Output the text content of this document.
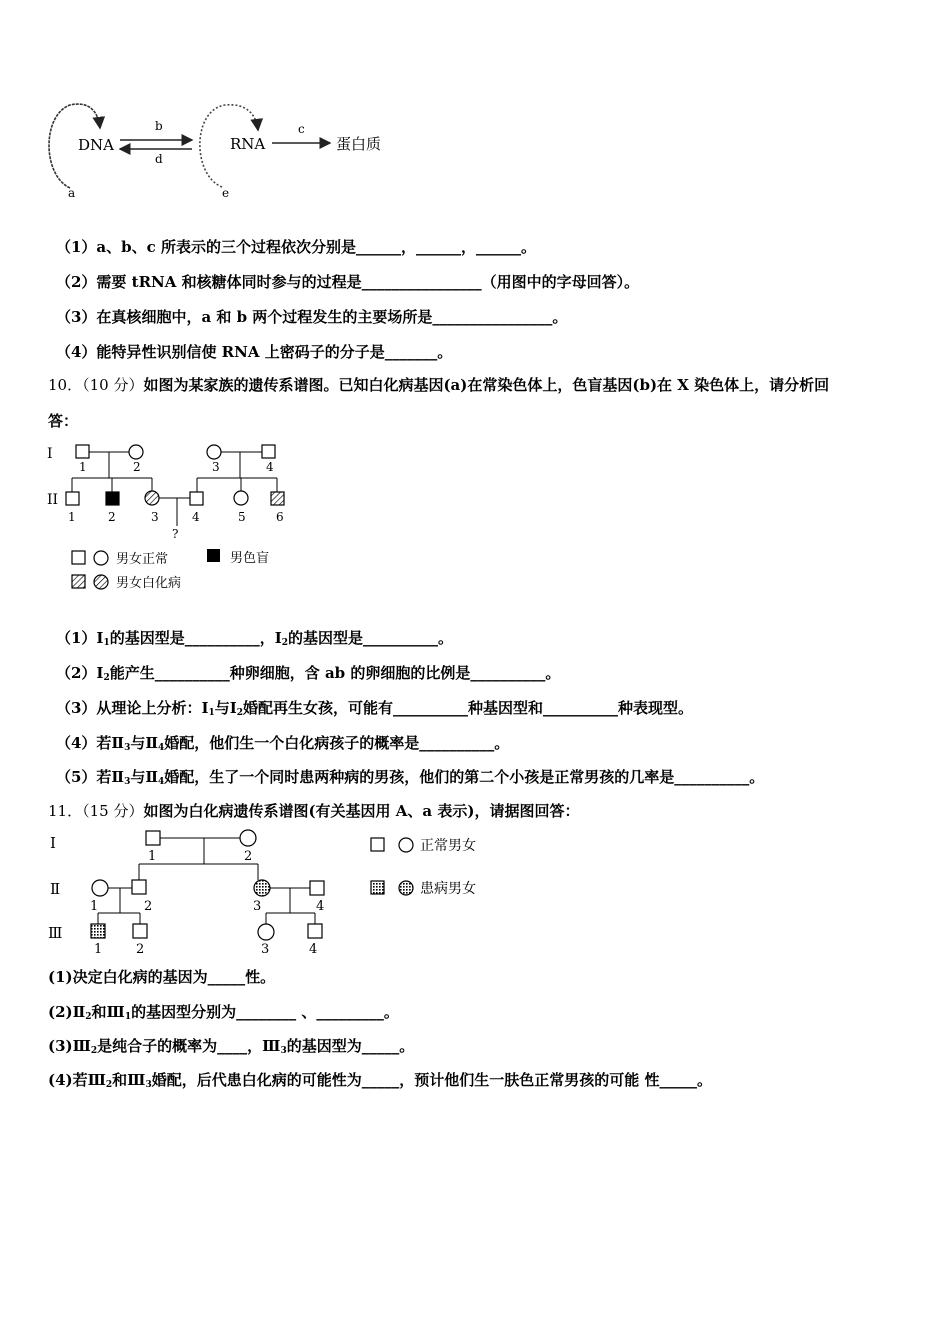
DNA
a
b
d
RNA
e
c
蛋白质
（1）a、b、c 所表示的三个过程依次分别是______，______，______。
（2）需要 tRNA 和核糖体同时参与的过程是________________（用图中的字母回答）。
（3）在真核细胞中，a 和 b 两个过程发生的主要场所是________________。
（4）能特异性识别信使 RNA 上密码子的分子是_______。
10．（10 分）如图为某家族的遗传系谱图。已知白化病基因(a)在常染色体上，色盲基因(b)在 X 染色体上，请分析回
答：
I
II
1	2	3	4
?
1	2	3	4	5	6
男女正常	男色盲
男女白化病
$(1)Ⅰ_1$的基因型是__________，$Ⅰ_2$的基因型是__________。
$(2)Ⅰ_2$能产生__________种卵细胞，含 ab 的卵细胞的比例是__________。
（3）从理论上分析：$Ⅰ_1$与$Ⅰ_2$婚配再生女孩，可能有__________种基因型和__________种表现型。
（4）若$Ⅱ_3$与$Ⅱ_4$婚配，他们生一个白化病孩子的概率是__________。
（5）若$Ⅱ_3$与$Ⅱ_4$婚配，生了一个同时患两种病的男孩，他们的第二个小孩是正常男孩的几率是__________。
11．（15 分）如图为白化病遗传系谱图(有关基因用 A、a 表示)，请据图回答：
Ⅰ
Ⅱ
Ⅲ
1	2
1	2	3	4
1	2	3	4
正常男女
患病男女
(1)决定白化病的基因为_____性。
$(2)Ⅱ_2$和$Ⅲ_1$的基因型分别为________ 、_________。
$(3)Ⅲ_2$是纯合子的概率为____，$Ⅲ_3$的基因型为_____。
(4)若$Ⅲ_2$和$Ⅲ_3$婚配，后代患白化病的可能性为_____，预计他们生一肤色正常男孩的可能 性_____。
